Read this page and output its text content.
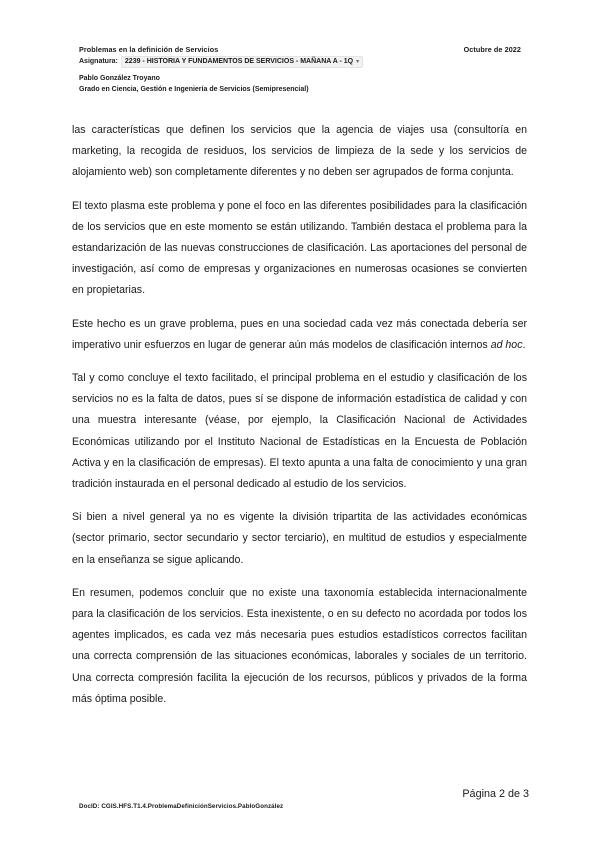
Problemas en la definición de Servicios	Octubre de 2022
Asignatura: 2239 - HISTORIA Y FUNDAMENTOS DE SERVICIOS - MAÑANA A - 1Q ▾
Pablo González Troyano
Grado en Ciencia, Gestión e Ingeniería de Servicios (Semipresencial)

las características que definen los servicios que la agencia de viajes usa (consultoría en marketing, la recogida de residuos, los servicios de limpieza de la sede y los servicios de alojamiento web) son completamente diferentes y no deben ser agrupados de forma conjunta.

El texto plasma este problema y pone el foco en las diferentes posibilidades para la clasificación de los servicios que en este momento se están utilizando. También destaca el problema para la estandarización de las nuevas construcciones de clasificación. Las aportaciones del personal de investigación, así como de empresas y organizaciones en numerosas ocasiones se convierten en propietarias.

Este hecho es un grave problema, pues en una sociedad cada vez más conectada debería ser imperativo unir esfuerzos en lugar de generar aún más modelos de clasificación internos ad hoc.

Tal y como concluye el texto facilitado, el principal problema en el estudio y clasificación de los servicios no es la falta de datos, pues sí se dispone de información estadística de calidad y con una muestra interesante (véase, por ejemplo, la Clasificación Nacional de Actividades Económicas utilizando por el Instituto Nacional de Estadísticas en la Encuesta de Población Activa y en la clasificación de empresas). El texto apunta a una falta de conocimiento y una gran tradición instaurada en el personal dedicado al estudio de los servicios.

Si bien a nivel general ya no es vigente la división tripartita de las actividades económicas (sector primario, sector secundario y sector terciario), en multitud de estudios y especialmente en la enseñanza se sigue aplicando.

En resumen, podemos concluir que no existe una taxonomía establecida internacionalmente para la clasificación de los servicios. Esta inexistente, o en su defecto no acordada por todos los agentes implicados, es cada vez más necesaria pues estudios estadísticos correctos facilitan una correcta comprensión de las situaciones económicas, laborales y sociales de un territorio. Una correcta compresión facilita la ejecución de los recursos, públicos y privados de la forma más óptima posible.

Página 2 de 3
DocID: CGIS.HFS.T1.4.ProblemaDefiniciónServicios.PabloGonzález
